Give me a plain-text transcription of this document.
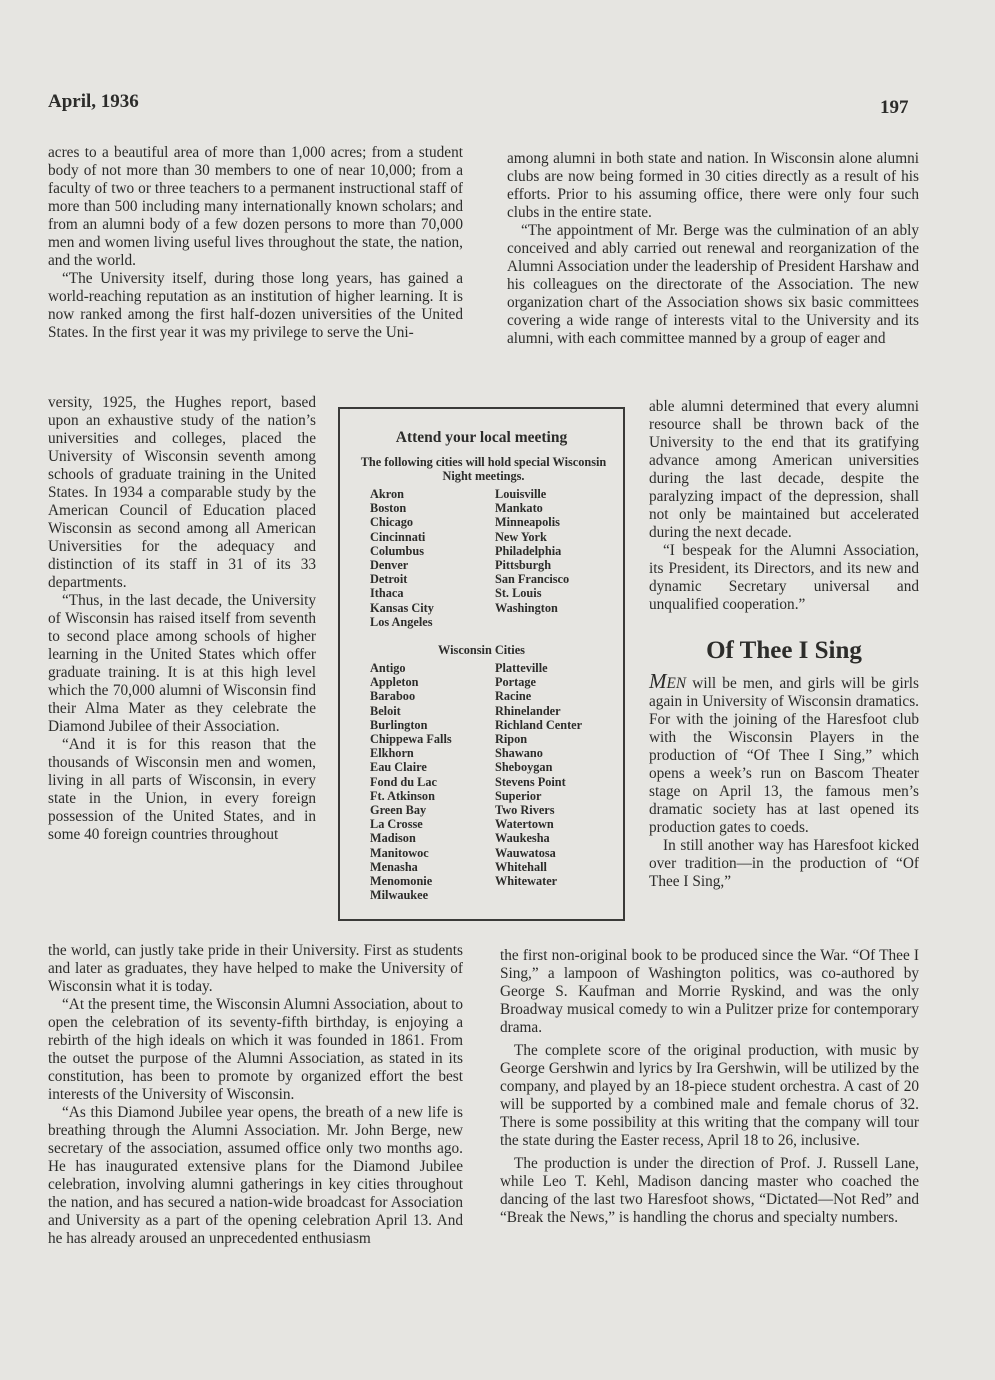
April, 1936	197

acres to a beautiful area of more than 1,000 acres; from a student body of not more than 30 members to one of near 10,000; from a faculty of two or three teachers to a permanent instructional staff of more than 500 including many internationally known scholars; and from an alumni body of a few dozen persons to more than 70,000 men and women living useful lives throughout the state, the nation, and the world.

“The University itself, during those long years, has gained a world-reaching reputation as an institution of higher learning. It is now ranked among the first half-dozen universities of the United States. In the first year it was my privilege to serve the Uni-

versity, 1925, the Hughes report, based upon an exhaustive study of the nation’s universities and colleges, placed the University of Wisconsin seventh among schools of graduate training in the United States. In 1934 a comparable study by the American Council of Education placed Wisconsin as second among all American Universities for the adequacy and distinction of its staff in 31 of its 33 departments.

“Thus, in the last decade, the University of Wisconsin has raised itself from seventh to second place among schools of higher learning in the United States which offer graduate training. It is at this high level which the 70,000 alumni of Wisconsin find their Alma Mater as they celebrate the Diamond Jubilee of their Association.

“And it is for this reason that the thousands of Wisconsin men and women, living in all parts of Wisconsin, in every state in the Union, in every foreign possession of the United States, and in some 40 foreign countries throughout

the world, can justly take pride in their University. First as students and later as graduates, they have helped to make the University of Wisconsin what it is today.

“At the present time, the Wisconsin Alumni Association, about to open the celebration of its seventy-fifth birthday, is enjoying a rebirth of the high ideals on which it was founded in 1861. From the outset the purpose of the Alumni Association, as stated in its constitution, has been to promote by organized effort the best interests of the University of Wisconsin.

“As this Diamond Jubilee year opens, the breath of a new life is breathing through the Alumni Association. Mr. John Berge, new secretary of the association, assumed office only two months ago. He has inaugurated extensive plans for the Diamond Jubilee celebration, involving alumni gatherings in key cities throughout the nation, and has secured a nation-wide broadcast for Association and University as a part of the opening celebration April 13. And he has already aroused an unprecedented enthusiasm

among alumni in both state and nation. In Wisconsin alone alumni clubs are now being formed in 30 cities directly as a result of his efforts. Prior to his assuming office, there were only four such clubs in the entire state.

“The appointment of Mr. Berge was the culmination of an ably conceived and ably carried out renewal and reorganization of the Alumni Association under the leadership of President Harshaw and his colleagues on the directorate of the Association. The new organization chart of the Association shows six basic committees covering a wide range of interests vital to the University and its alumni, with each committee manned by a group of eager and

able alumni determined that every alumni resource shall be thrown back of the University to the end that its gratifying advance among American universities during the last decade, despite the paralyzing impact of the depression, shall not only be maintained but accelerated during the next decade.

“I bespeak for the Alumni Association, its President, its Directors, and its new and dynamic Secretary universal and unqualified cooperation.”

Of Thee I Sing

MEN will be men, and girls will be girls again in University of Wisconsin dramatics. For with the joining of the Haresfoot club with the Wisconsin Players in the production of “Of Thee I Sing,” which opens a week’s run on Bascom Theater stage on April 13, the famous men’s dramatic society has at last opened its production gates to coeds.

In still another way has Haresfoot kicked over tradition—in the production of “Of Thee I Sing,”

the first non-original book to be produced since the War. “Of Thee I Sing,” a lampoon of Washington politics, was co-authored by George S. Kaufman and Morrie Ryskind, and was the only Broadway musical comedy to win a Pulitzer prize for contemporary drama.

The complete score of the original production, with music by George Gershwin and lyrics by Ira Gershwin, will be utilized by the company, and played by an 18-piece student orchestra. A cast of 20 will be supported by a combined male and female chorus of 32. There is some possibility at this writing that the company will tour the state during the Easter recess, April 18 to 26, inclusive.

The production is under the direction of Prof. J. Russell Lane, while Leo T. Kehl, Madison dancing master who coached the dancing of the last two Haresfoot shows, “Dictated—Not Red” and “Break the News,” is handling the chorus and specialty numbers.

Attend your local meeting
The following cities will hold special Wisconsin Night meetings.
Akron
Boston
Chicago
Cincinnati
Columbus
Denver
Detroit
Ithaca
Kansas City
Los Angeles
Louisville
Mankato
Minneapolis
New York
Philadelphia
Pittsburgh
San Francisco
St. Louis
Washington
Wisconsin Cities
Antigo
Appleton
Baraboo
Beloit
Burlington
Chippewa Falls
Elkhorn
Eau Claire
Fond du Lac
Ft. Atkinson
Green Bay
La Crosse
Madison
Manitowoc
Menasha
Menomonie
Milwaukee
Platteville
Portage
Racine
Rhinelander
Richland Center
Ripon
Shawano
Sheboygan
Stevens Point
Superior
Two Rivers
Watertown
Waukesha
Wauwatosa
Whitehall
Whitewater
